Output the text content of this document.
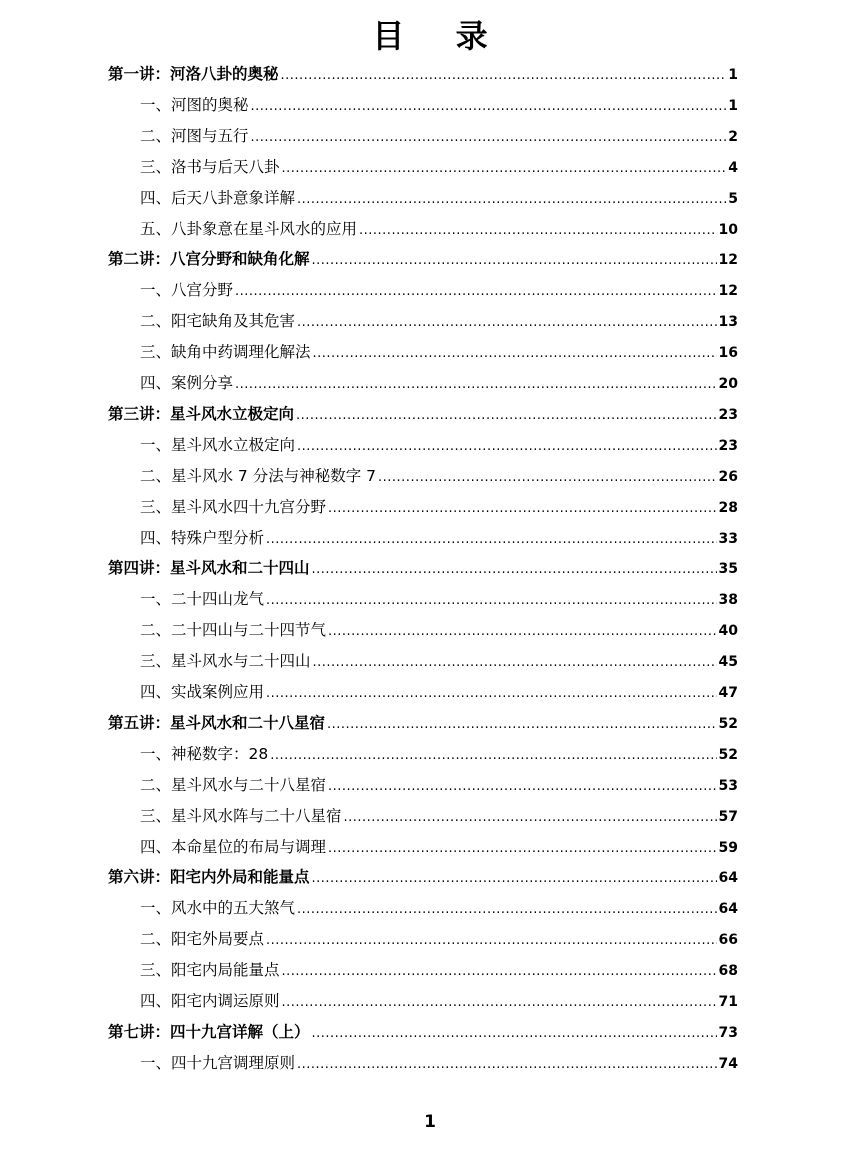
目 录
第一讲：河洛八卦的奥秘 .....	1
一、河图的奥秘 .....	1
二、河图与五行 .....	2
三、洛书与后天八卦 .....	4
四、后天八卦意象详解 .....	5
五、八卦象意在星斗风水的应用 .....	10
第二讲：八宫分野和缺角化解 .....	12
一、八宫分野 .....	12
二、阳宅缺角及其危害 .....	13
三、缺角中药调理化解法 .....	16
四、案例分享 .....	20
第三讲：星斗风水立极定向 .....	23
一、星斗风水立极定向 .....	23
二、星斗风水 7 分法与神秘数字 7 .....	26
三、星斗风水四十九宫分野 .....	28
四、特殊户型分析 .....	33
第四讲：星斗风水和二十四山 .....	35
一、二十四山龙气 .....	38
二、二十四山与二十四节气 .....	40
三、星斗风水与二十四山 .....	45
四、实战案例应用 .....	47
第五讲：星斗风水和二十八星宿 .....	52
一、神秘数字：28 .....	52
二、星斗风水与二十八星宿 .....	53
三、星斗风水阵与二十八星宿 .....	57
四、本命星位的布局与调理 .....	59
第六讲：阳宅内外局和能量点 .....	64
一、风水中的五大煞气 .....	64
二、阳宅外局要点 .....	66
三、阳宅内局能量点 .....	68
四、阳宅内调运原则 .....	71
第七讲：四十九宫详解（上） .....	73
一、四十九宫调理原则 .....	74
1
